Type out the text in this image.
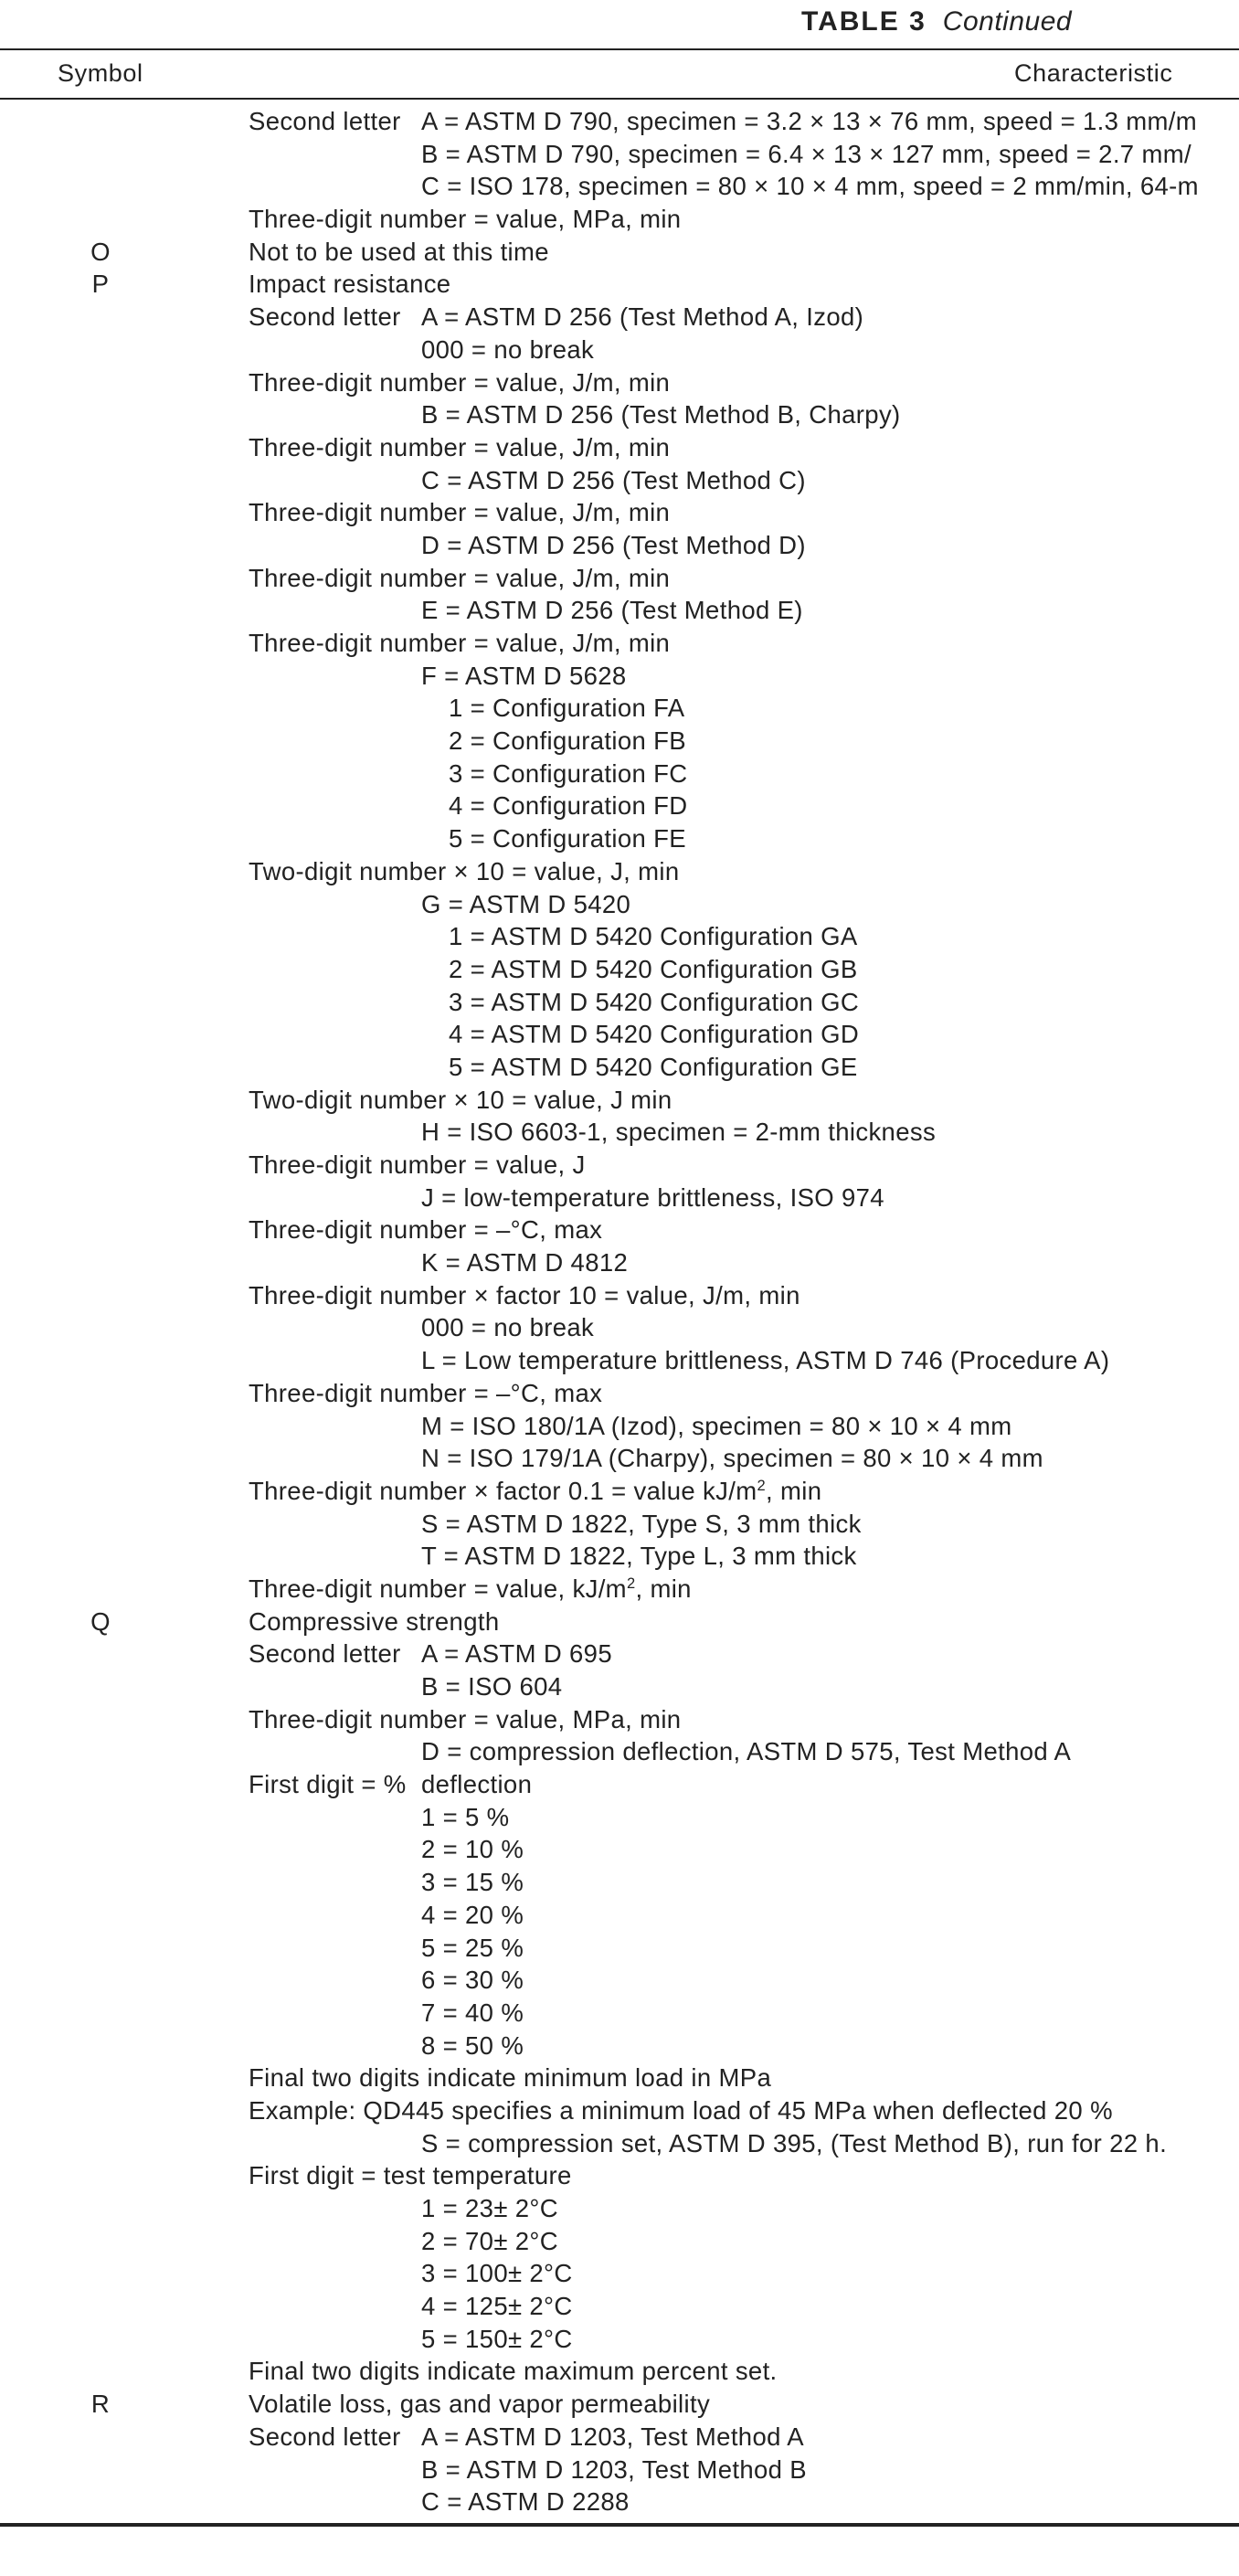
TABLE 3 Continued
Symbol	Characteristic
Second letter A = ASTM D 790, specimen = 3.2 × 13 × 76 mm, speed = 1.3 mm/m
B = ASTM D 790, specimen = 6.4 × 13 × 127 mm, speed = 2.7 mm/
C = ISO 178, specimen = 80 × 10 × 4 mm, speed = 2 mm/min, 64-m
Three-digit number = value, MPa, min
O	Not to be used at this time
P	Impact resistance
Second letter A = ASTM D 256 (Test Method A, Izod)
000 = no break
Three-digit number = value, J/m, min
B = ASTM D 256 (Test Method B, Charpy)
Three-digit number = value, J/m, min
C = ASTM D 256 (Test Method C)
Three-digit number = value, J/m, min
D = ASTM D 256 (Test Method D)
Three-digit number = value, J/m, min
E = ASTM D 256 (Test Method E)
Three-digit number = value, J/m, min
F = ASTM D 5628
1 = Configuration FA
2 = Configuration FB
3 = Configuration FC
4 = Configuration FD
5 = Configuration FE
Two-digit number × 10 = value, J, min
G = ASTM D 5420
1 = ASTM D 5420 Configuration GA
2 = ASTM D 5420 Configuration GB
3 = ASTM D 5420 Configuration GC
4 = ASTM D 5420 Configuration GD
5 = ASTM D 5420 Configuration GE
Two-digit number × 10 = value, J min
H = ISO 6603-1, specimen = 2-mm thickness
Three-digit number = value, J
J = low-temperature brittleness, ISO 974
Three-digit number = –°C, max
K = ASTM D 4812
Three-digit number × factor 10 = value, J/m, min
000 = no break
L = Low temperature brittleness, ASTM D 746 (Procedure A)
Three-digit number = –°C, max
M = ISO 180/1A (Izod), specimen = 80 × 10 × 4 mm
N = ISO 179/1A (Charpy), specimen = 80 × 10 × 4 mm
Three-digit number × factor 0.1 = value $kJ/m^2$, min
S = ASTM D 1822, Type S, 3 mm thick
T = ASTM D 1822, Type L, 3 mm thick
Three-digit number = value, $kJ/m^2$, min
Q	Compressive strength
Second letter A = ASTM D 695
B = ISO 604
Three-digit number = value, MPa, min
D = compression deflection, ASTM D 575, Test Method A
First digit = % deflection
1 = 5 %
2 = 10 %
3 = 15 %
4 = 20 %
5 = 25 %
6 = 30 %
7 = 40 %
8 = 50 %
Final two digits indicate minimum load in MPa
Example: QD445 specifies a minimum load of 45 MPa when deflected 20 %
S = compression set, ASTM D 395, (Test Method B), run for 22 h.
First digit = test temperature
1 = 23± 2°C
2 = 70± 2°C
3 = 100± 2°C
4 = 125± 2°C
5 = 150± 2°C
Final two digits indicate maximum percent set.
R	Volatile loss, gas and vapor permeability
Second letter A = ASTM D 1203, Test Method A
B = ASTM D 1203, Test Method B
C = ASTM D 2288
